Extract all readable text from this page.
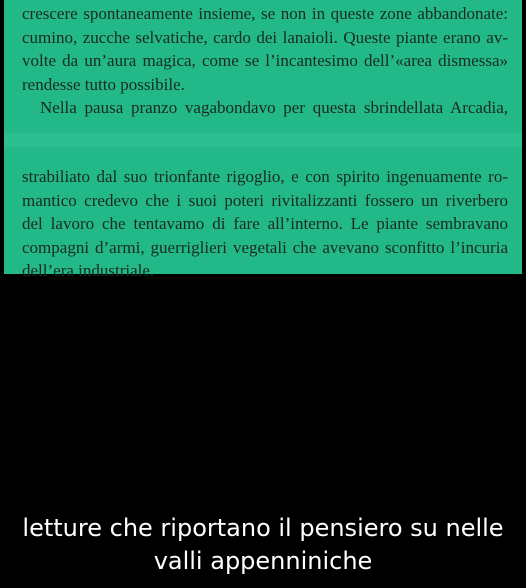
crescere spontaneamente insieme, se non in queste zone abbandonate:
cumino, zucche selvatiche, cardo dei lanaioli. Queste piante erano av-
volte da un’aura magica, come se l’incantesimo dell’«area dismessa»
rendesse tutto possibile.
Nella pausa pranzo vagabondavo per questa sbrindellata Arcadia,
strabiliato dal suo trionfante rigoglio, e con spirito ingenuamente ro-
mantico credevo che i suoi poteri rivitalizzanti fossero un riverbero
del lavoro che tentavamo di fare all’interno. Le piante sembravano
compagni d’armi, guerriglieri vegetali che avevano sconfitto l’incuria
dell’era industriale.
letture che riportano il pensiero su nelle
valli appenniniche
